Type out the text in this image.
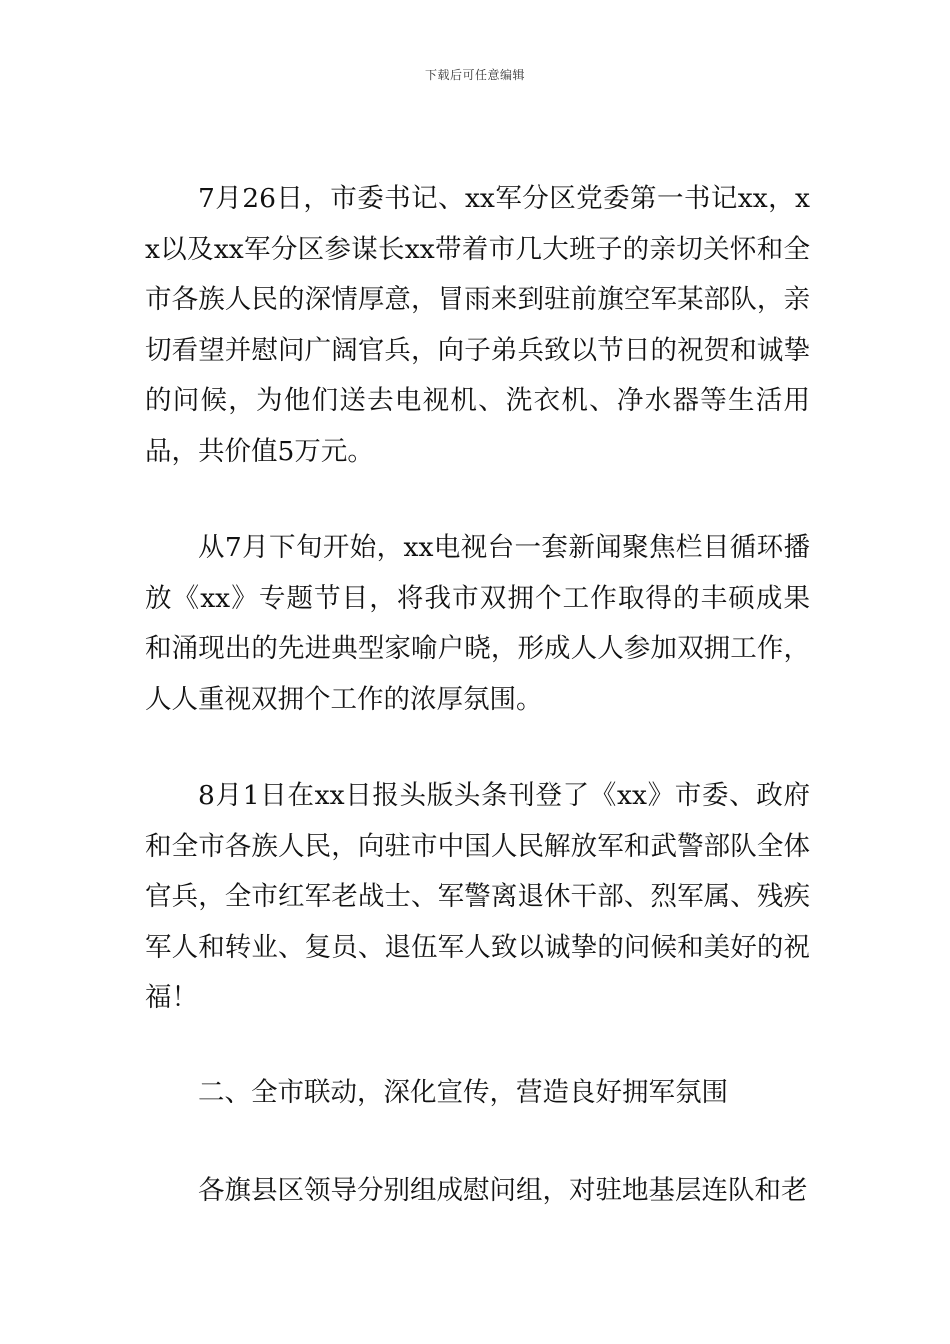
下载后可任意编辑

7月26日，市委书记、xx军分区党委第一书记xx，xx以及xx军分区参谋长xx带着市几大班子的亲切关怀和全市各族人民的深情厚意，冒雨来到驻前旗空军某部队，亲切看望并慰问广阔官兵，向子弟兵致以节日的祝贺和诚挚的问候，为他们送去电视机、洗衣机、净水器等生活用品，共价值5万元。

从7月下旬开始，xx电视台一套新闻聚焦栏目循环播放《xx》专题节目，将我市双拥个工作取得的丰硕成果和涌现出的先进典型家喻户晓，形成人人参加双拥工作，人人重视双拥个工作的浓厚氛围。

8月1日在xx日报头版头条刊登了《xx》市委、政府和全市各族人民，向驻市中国人民解放军和武警部队全体官兵，全市红军老战士、军警离退休干部、烈军属、残疾军人和转业、复员、退伍军人致以诚挚的问候和美好的祝福！

二、全市联动，深化宣传，营造良好拥军氛围

各旗县区领导分别组成慰问组，对驻地基层连队和老
